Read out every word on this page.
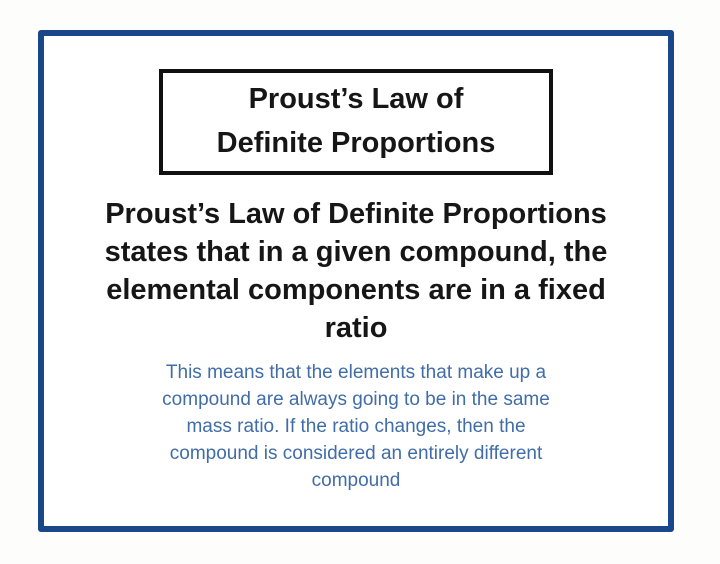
Proust’s Law of
Definite Proportions
Proust’s Law of Definite Proportions
states that in a given compound, the
elemental components are in a fixed
ratio
This means that the elements that make up a
compound are always going to be in the same
mass ratio. If the ratio changes, then the
compound is considered an entirely different
compound
